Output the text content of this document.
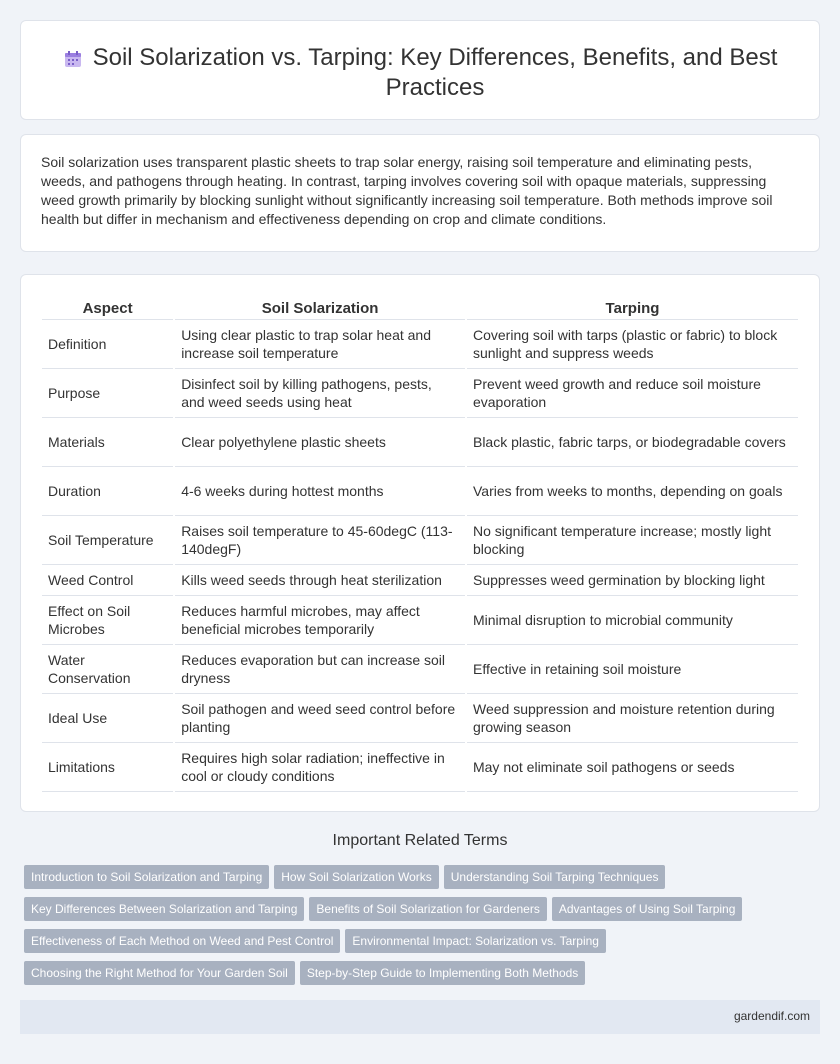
Soil Solarization vs. Tarping: Key Differences, Benefits, and Best Practices

Soil solarization uses transparent plastic sheets to trap solar energy, raising soil temperature and eliminating pests, weeds, and pathogens through heating. In contrast, tarping involves covering soil with opaque materials, suppressing weed growth primarily by blocking sunlight without significantly increasing soil temperature. Both methods improve soil health but differ in mechanism and effectiveness depending on crop and climate conditions.

Aspect	Soil Solarization	Tarping
Definition	Using clear plastic to trap solar heat and increase soil temperature	Covering soil with tarps (plastic or fabric) to block sunlight and suppress weeds
Purpose	Disinfect soil by killing pathogens, pests, and weed seeds using heat	Prevent weed growth and reduce soil moisture evaporation
Materials	Clear polyethylene plastic sheets	Black plastic, fabric tarps, or biodegradable covers
Duration	4-6 weeks during hottest months	Varies from weeks to months, depending on goals
Soil Temperature	Raises soil temperature to 45-60degC (113-140degF)	No significant temperature increase; mostly light blocking
Weed Control	Kills weed seeds through heat sterilization	Suppresses weed germination by blocking light
Effect on Soil Microbes	Reduces harmful microbes, may affect beneficial microbes temporarily	Minimal disruption to microbial community
Water Conservation	Reduces evaporation but can increase soil dryness	Effective in retaining soil moisture
Ideal Use	Soil pathogen and weed seed control before planting	Weed suppression and moisture retention during growing season
Limitations	Requires high solar radiation; ineffective in cool or cloudy conditions	May not eliminate soil pathogens or seeds
Important Related Terms
Introduction to Soil Solarization and Tarping How Soil Solarization Works Understanding Soil Tarping Techniques
Key Differences Between Solarization and Tarping Benefits of Soil Solarization for Gardeners Advantages of Using Soil Tarping
Effectiveness of Each Method on Weed and Pest Control Environmental Impact: Solarization vs. Tarping
Choosing the Right Method for Your Garden Soil Step-by-Step Guide to Implementing Both Methods
gardendif.com
